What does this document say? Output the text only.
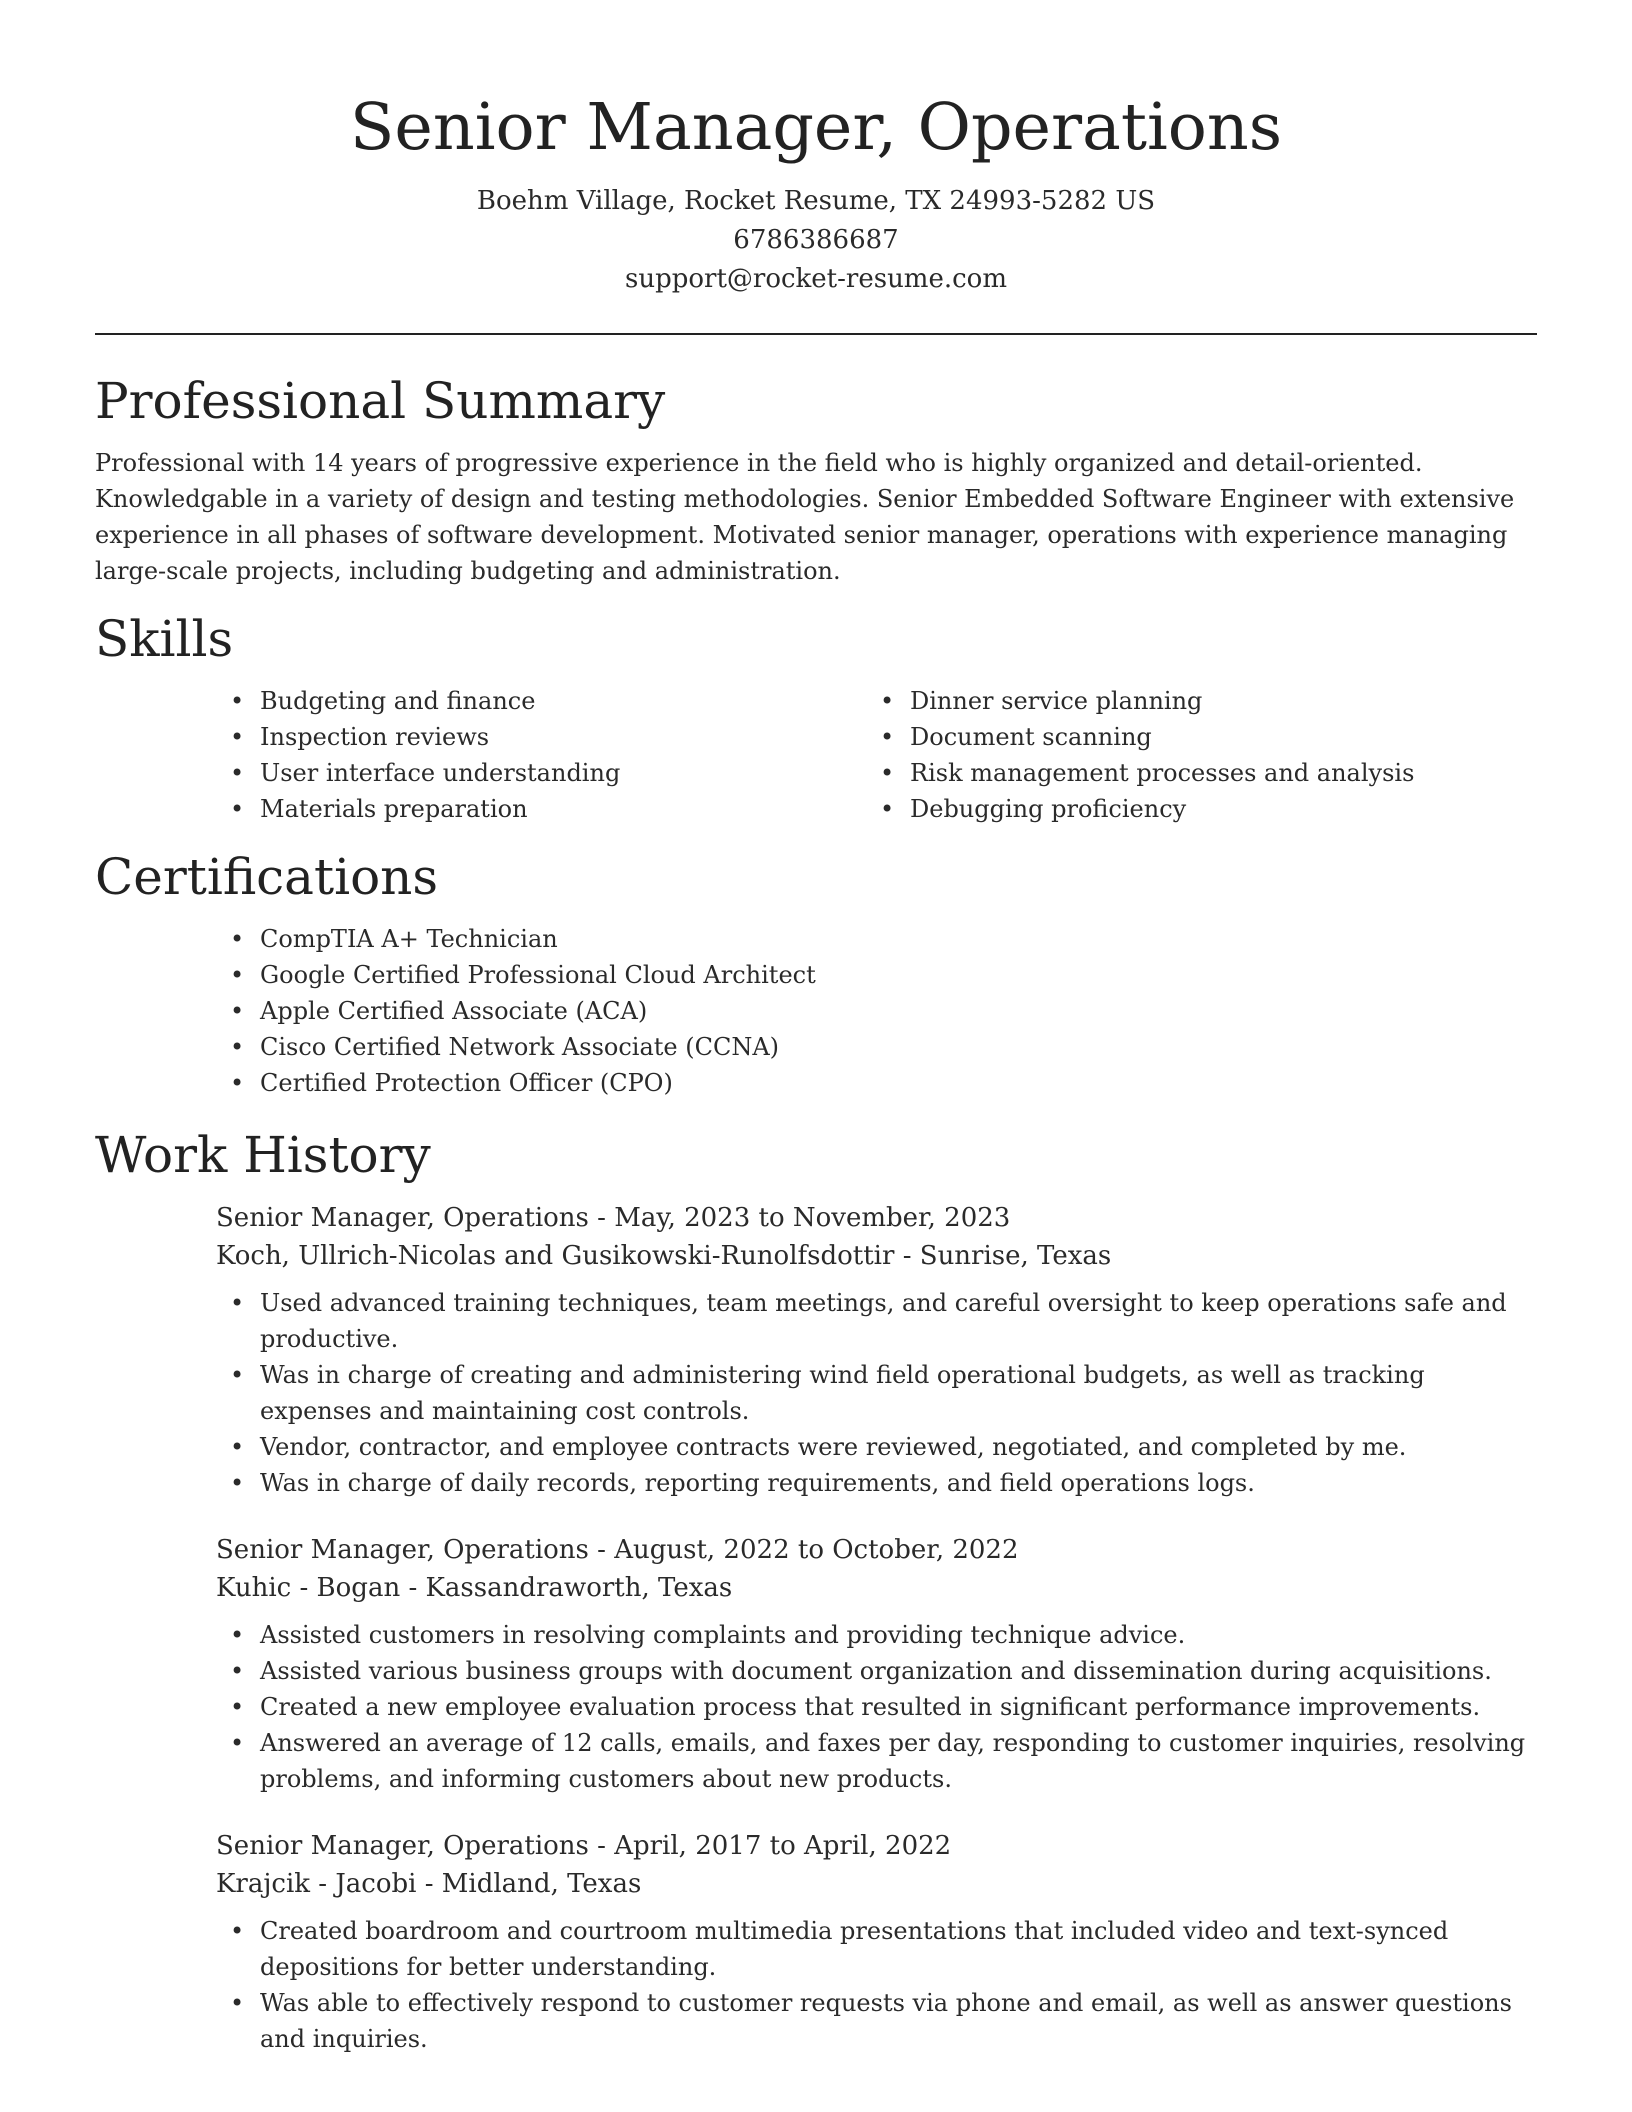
Senior Manager, Operations
Boehm Village, Rocket Resume, TX 24993-5282 US
6786386687
support@rocket-resume.com
Professional Summary

Professional with 14 years of progressive experience in the field who is highly organized and detail-oriented. Knowledgable in a variety of design and testing methodologies. Senior Embedded Software Engineer with extensive experience in all phases of software development. Motivated senior manager, operations with experience managing large-scale projects, including budgeting and administration.

Skills
• Budgeting and finance
• Inspection reviews
• User interface understanding
• Materials preparation
• Dinner service planning
• Document scanning
• Risk management processes and analysis
• Debugging proficiency
Certifications
• CompTIA A+ Technician
• Google Certified Professional Cloud Architect
• Apple Certified Associate (ACA)
• Cisco Certified Network Associate (CCNA)
• Certified Protection Officer (CPO)
Work History
Senior Manager, Operations - May, 2023 to November, 2023
Koch, Ullrich-Nicolas and Gusikowski-Runolfsdottir - Sunrise, Texas
• Used advanced training techniques, team meetings, and careful oversight to keep operations safe and productive.
• Was in charge of creating and administering wind field operational budgets, as well as tracking expenses and maintaining cost controls.
• Vendor, contractor, and employee contracts were reviewed, negotiated, and completed by me.
• Was in charge of daily records, reporting requirements, and field operations logs.
Senior Manager, Operations - August, 2022 to October, 2022
Kuhic - Bogan - Kassandraworth, Texas
• Assisted customers in resolving complaints and providing technique advice.
• Assisted various business groups with document organization and dissemination during acquisitions.
• Created a new employee evaluation process that resulted in significant performance improvements.
• Answered an average of 12 calls, emails, and faxes per day, responding to customer inquiries, resolving problems, and informing customers about new products.
Senior Manager, Operations - April, 2017 to April, 2022
Krajcik - Jacobi - Midland, Texas
• Created boardroom and courtroom multimedia presentations that included video and text-synced depositions for better understanding.
• Was able to effectively respond to customer requests via phone and email, as well as answer questions and inquiries.
